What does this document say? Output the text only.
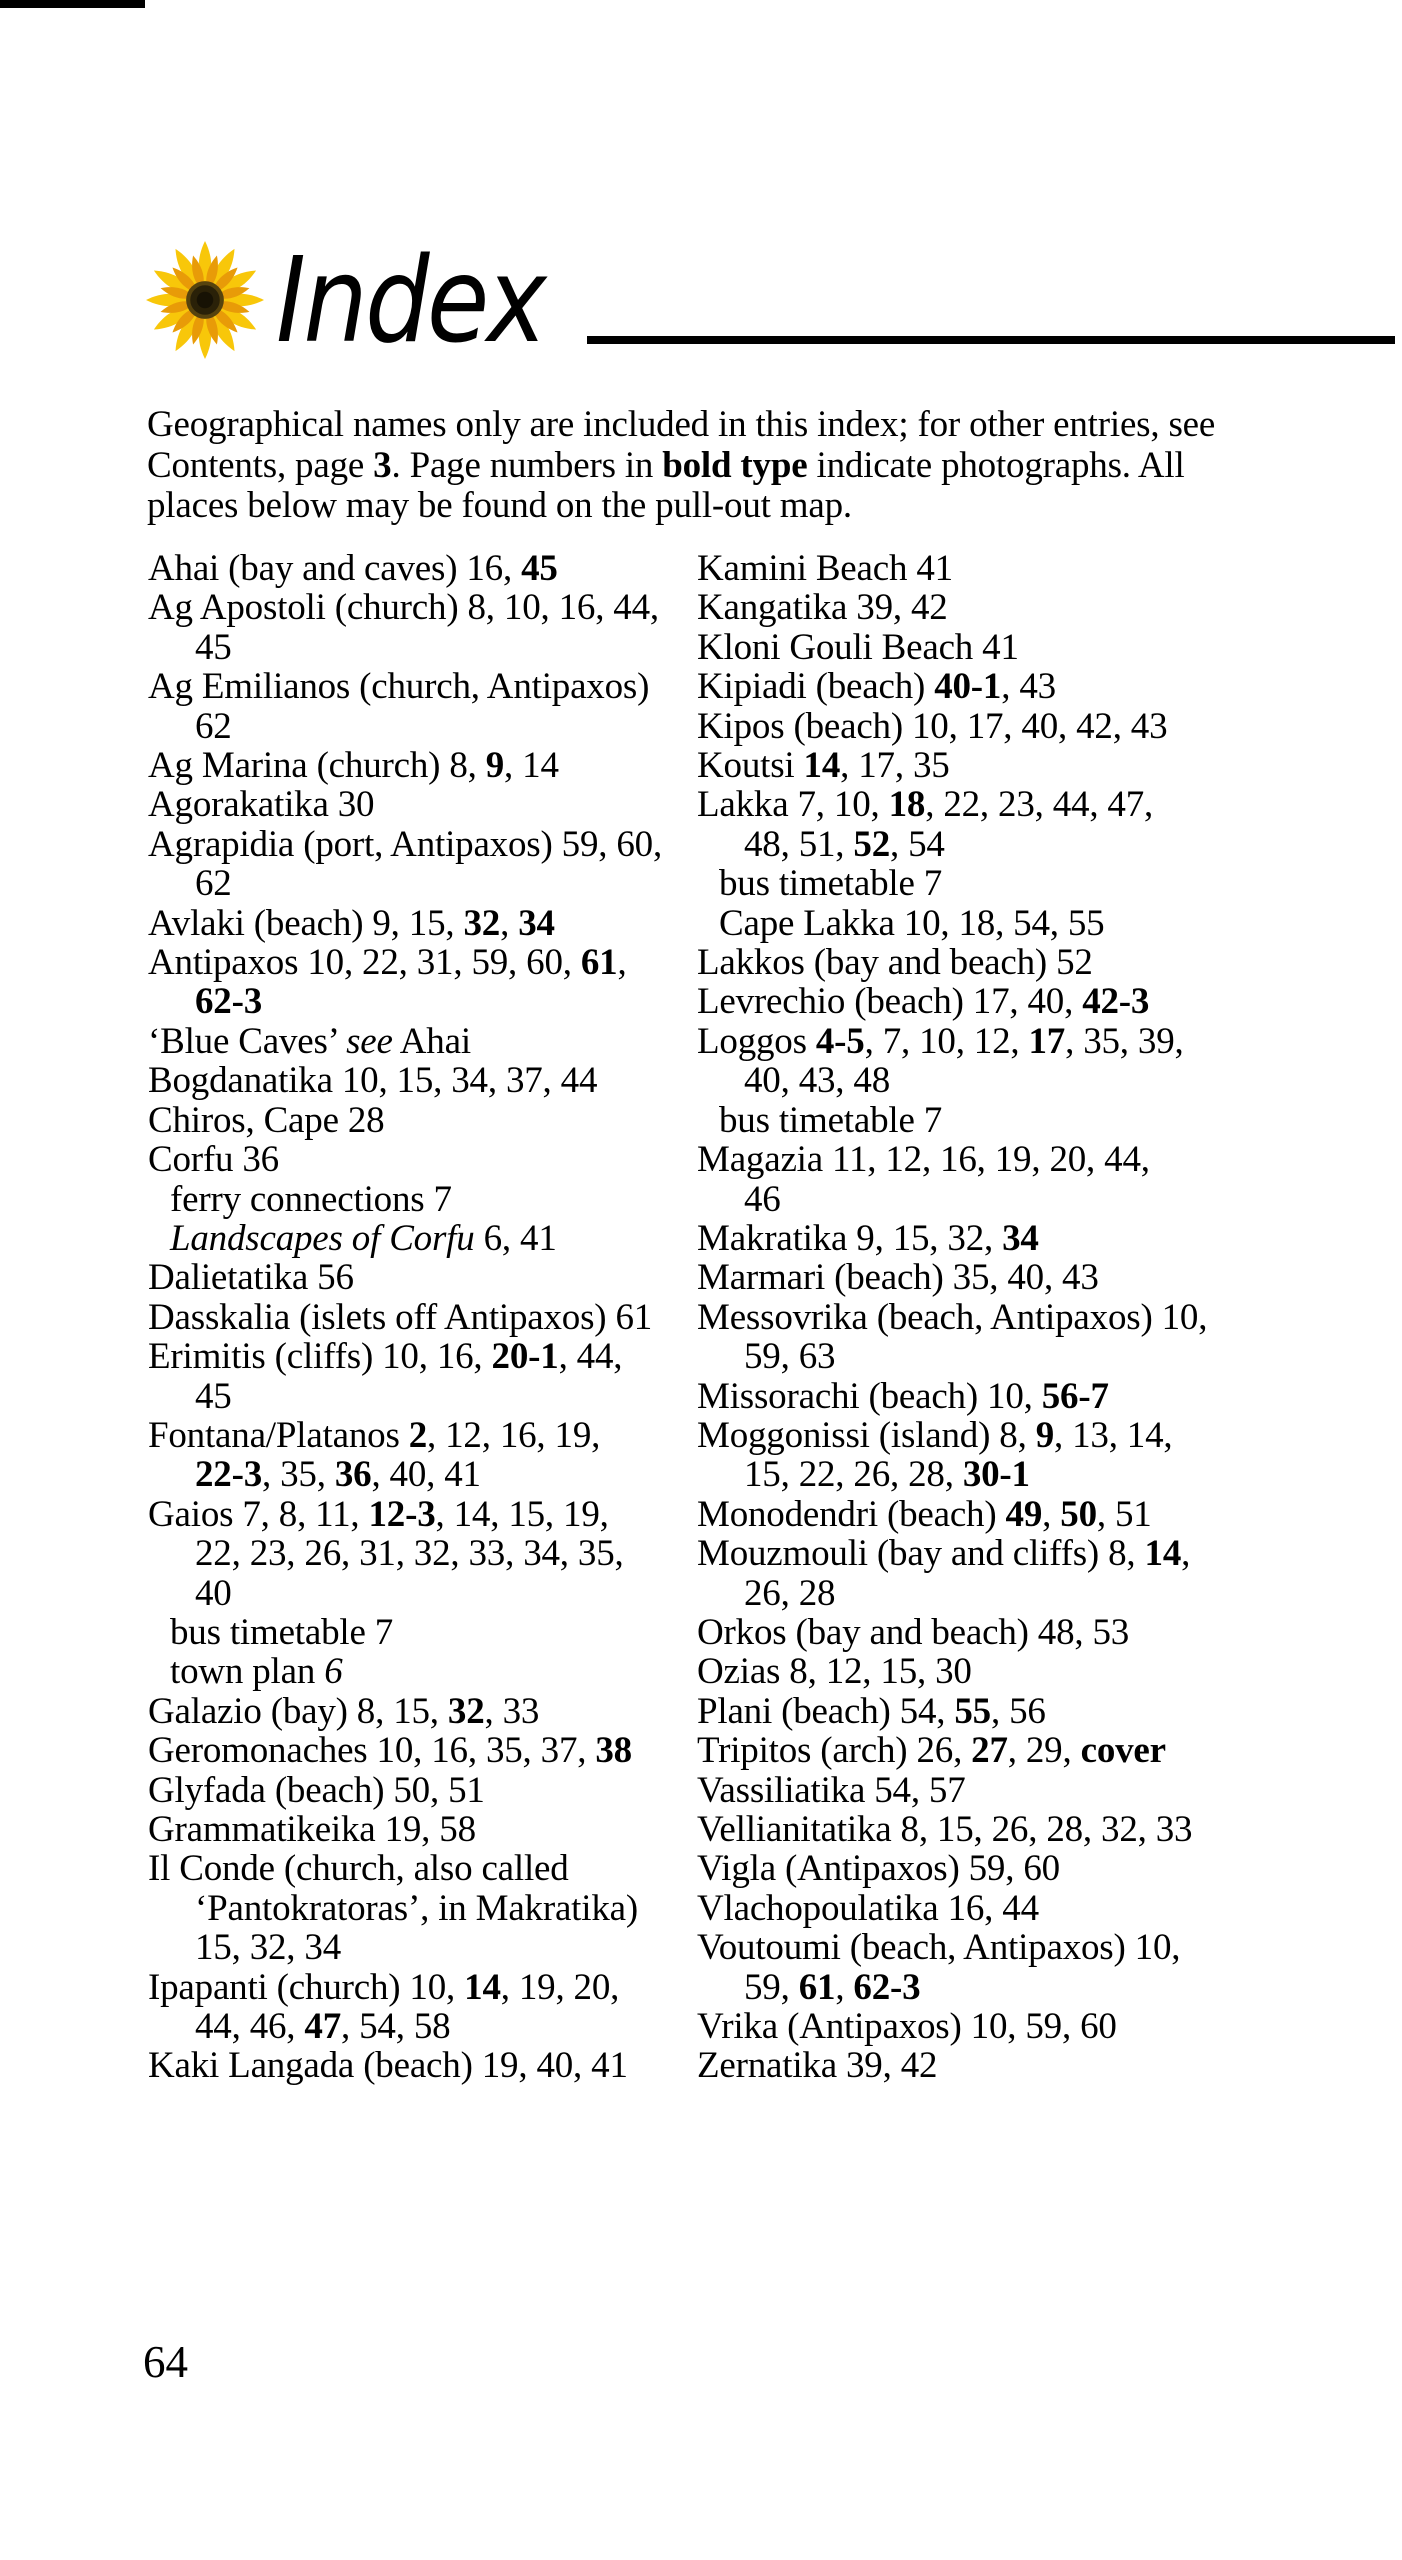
Index
Geographical names only are included in this index; for other entries, see
Contents, page 3. Page numbers in bold type indicate photographs. All
places below may be found on the pull-out map.
Ahai (bay and caves) 16, 45
Ag Apostoli (church) 8, 10, 16, 44,
45
Ag Emilianos (church, Antipaxos)
62
Ag Marina (church) 8, 9, 14
Agorakatika 30
Agrapidia (port, Antipaxos) 59, 60,
62
Avlaki (beach) 9, 15, 32, 34
Antipaxos 10, 22, 31, 59, 60, 61,
62-3
‘Blue Caves’ see Ahai
Bogdanatika 10, 15, 34, 37, 44
Chiros, Cape 28
Corfu 36
ferry connections 7
Landscapes of Corfu 6, 41
Dalietatika 56
Dasskalia (islets off Antipaxos) 61
Erimitis (cliffs) 10, 16, 20-1, 44,
45
Fontana/Platanos 2, 12, 16, 19,
22-3, 35, 36, 40, 41
Gaios 7, 8, 11, 12-3, 14, 15, 19,
22, 23, 26, 31, 32, 33, 34, 35,
40
bus timetable 7
town plan 6
Galazio (bay) 8, 15, 32, 33
Geromonaches 10, 16, 35, 37, 38
Glyfada (beach) 50, 51
Grammatikeika 19, 58
Il Conde (church, also called
‘Pantokratoras’, in Makratika)
15, 32, 34
Ipapanti (church) 10, 14, 19, 20,
44, 46, 47, 54, 58
Kaki Langada (beach) 19, 40, 41
Kamini Beach 41
Kangatika 39, 42
Kloni Gouli Beach 41
Kipiadi (beach) 40-1, 43
Kipos (beach) 10, 17, 40, 42, 43
Koutsi 14, 17, 35
Lakka 7, 10, 18, 22, 23, 44, 47,
48, 51, 52, 54
bus timetable 7
Cape Lakka 10, 18, 54, 55
Lakkos (bay and beach) 52
Levrechio (beach) 17, 40, 42-3
Loggos 4-5, 7, 10, 12, 17, 35, 39,
40, 43, 48
bus timetable 7
Magazia 11, 12, 16, 19, 20, 44,
46
Makratika 9, 15, 32, 34
Marmari (beach) 35, 40, 43
Messovrika (beach, Antipaxos) 10,
59, 63
Missorachi (beach) 10, 56-7
Moggonissi (island) 8, 9, 13, 14,
15, 22, 26, 28, 30-1
Monodendri (beach) 49, 50, 51
Mouzmouli (bay and cliffs) 8, 14,
26, 28
Orkos (bay and beach) 48, 53
Ozias 8, 12, 15, 30
Plani (beach) 54, 55, 56
Tripitos (arch) 26, 27, 29, cover
Vassiliatika 54, 57
Vellianitatika 8, 15, 26, 28, 32, 33
Vigla (Antipaxos) 59, 60
Vlachopoulatika 16, 44
Voutoumi (beach, Antipaxos) 10,
59, 61, 62-3
Vrika (Antipaxos) 10, 59, 60
Zernatika 39, 42
64
